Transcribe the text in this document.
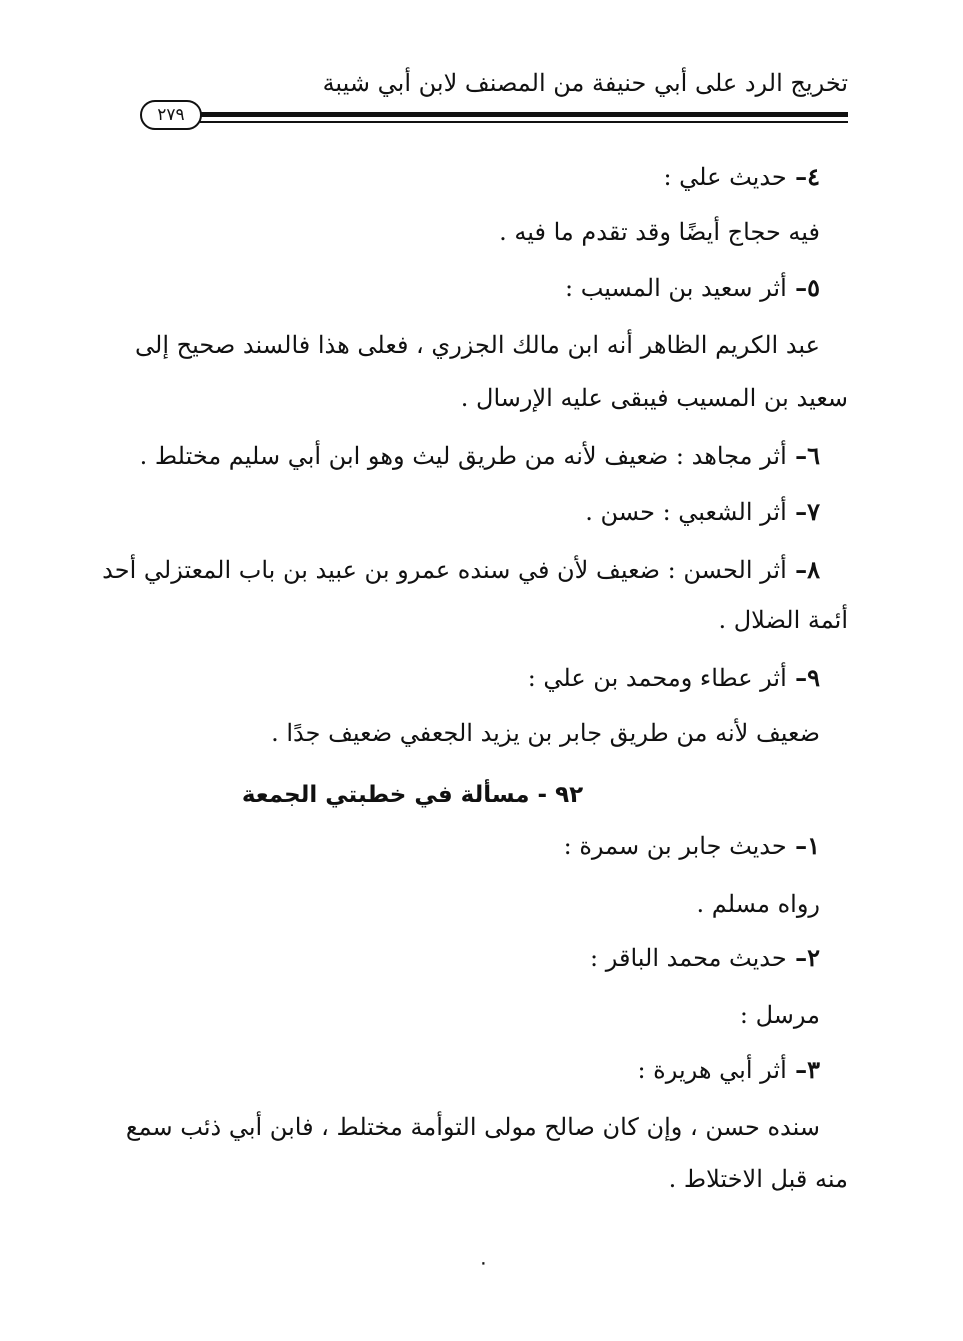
تخريج الرد على أبي حنيفة من المصنف لابن أبي شيبة
٢٧٩
٤– حديث علي :
فيه حجاج أيضًا وقد تقدم ما فيه .
٥– أثر سعيد بن المسيب :
عبد الكريم الظاهر أنه ابن مالك الجزري ، فعلى هذا فالسند صحيح إلى
سعيد بن المسيب فيبقى عليه الإرسال .
٦– أثر مجاهد : ضعيف لأنه من طريق ليث وهو ابن أبي سليم مختلط .
٧– أثر الشعبي : حسن .
٨– أثر الحسن : ضعيف لأن في سنده عمرو بن عبيد بن باب المعتزلي أحد
أئمة الضلال .
٩– أثر عطاء ومحمد بن علي :
ضعيف لأنه من طريق جابر بن يزيد الجعفي ضعيف جدًا .
٩٢ - مسألة في خطبتي الجمعة
١– حديث جابر بن سمرة :
رواه مسلم .
٢– حديث محمد الباقر :
مرسل :
٣– أثر أبي هريرة :
سنده حسن ، وإن كان صالح مولى التوأمة مختلط ، فابن أبي ذئب سمع
منه قبل الاختلاط .
٠
